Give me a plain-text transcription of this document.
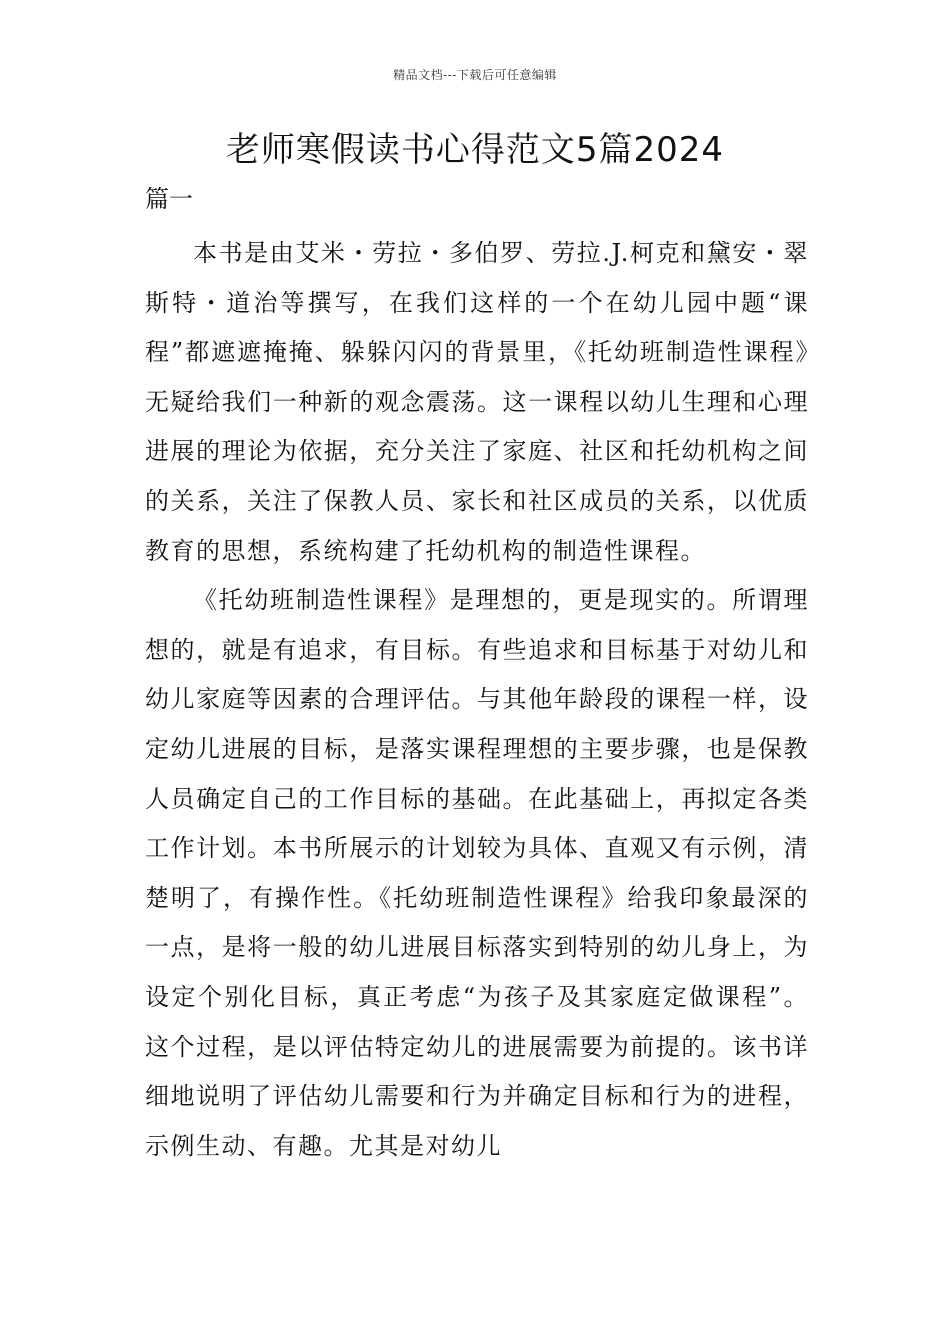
精品文档---下载后可任意编辑
老师寒假读书心得范文5篇2024
篇一

本书是由艾米・劳拉・多伯罗、劳拉.J.柯克和黛安・翠斯特・道治等撰写，在我们这样的一个在幼儿园中题“课程”都遮遮掩掩、躲躲闪闪的背景里，《托幼班制造性课程》无疑给我们一种新的观念震荡。这一课程以幼儿生理和心理进展的理论为依据，充分关注了家庭、社区和托幼机构之间的关系，关注了保教人员、家长和社区成员的关系，以优质教育的思想，系统构建了托幼机构的制造性课程。

《托幼班制造性课程》是理想的，更是现实的。所谓理想的，就是有追求，有目标。有些追求和目标基于对幼儿和幼儿家庭等因素的合理评估。与其他年龄段的课程一样，设定幼儿进展的目标，是落实课程理想的主要步骤，也是保教人员确定自己的工作目标的基础。在此基础上，再拟定各类工作计划。本书所展示的计划较为具体、直观又有示例，清楚明了，有操作性。《托幼班制造性课程》给我印象最深的一点，是将一般的幼儿进展目标落实到特别的幼儿身上，为设定个别化目标，真正考虑“为孩子及其家庭定做课程”。这个过程，是以评估特定幼儿的进展需要为前提的。该书详细地说明了评估幼儿需要和行为并确定目标和行为的进程，示例生动、有趣。尤其是对幼儿
